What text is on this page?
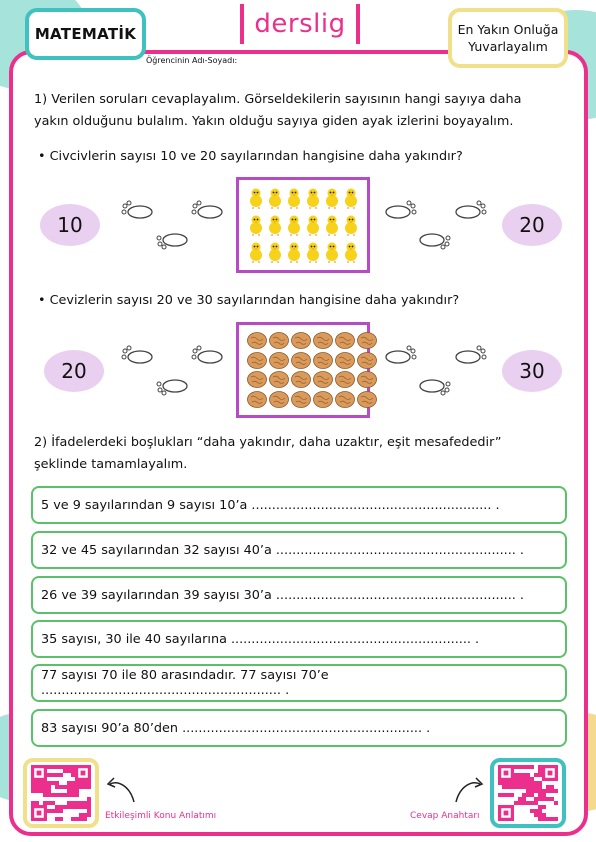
MATEMATİK	derslig	En Yakın Onluğa
Yuvarlayalım
Öğrencinin Adı-Soyadı:
1) Verilen soruları cevaplayalım. Görseldekilerin sayısının hangi sayıya daha yakın olduğunu bulalım. Yakın olduğu sayıya giden ayak izlerini boyayalım.
• Civcivlerin sayısı 10 ve 20 sayılarından hangisine daha yakındır?
10	20
• Cevizlerin sayısı 20 ve 30 sayılarından hangisine daha yakındır?
20	30
2) İfadelerdeki boşlukları “daha yakındır, daha uzaktır, eşit mesafededir” şeklinde tamamlayalım.
5 ve 9 sayılarından 9 sayısı 10’a ........................................................... .
32 ve 45 sayılarından 32 sayısı 40’a ........................................................... .
26 ve 39 sayılarından 39 sayısı 30’a ........................................................... .
35 sayısı, 30 ile 40 sayılarına ........................................................... .
77 sayısı 70 ile 80 arasındadır. 77 sayısı 70’e ........................................................... .
83 sayısı 90’a 80’den ........................................................... .
Etkileşimli Konu Anlatımı	Cevap Anahtarı
